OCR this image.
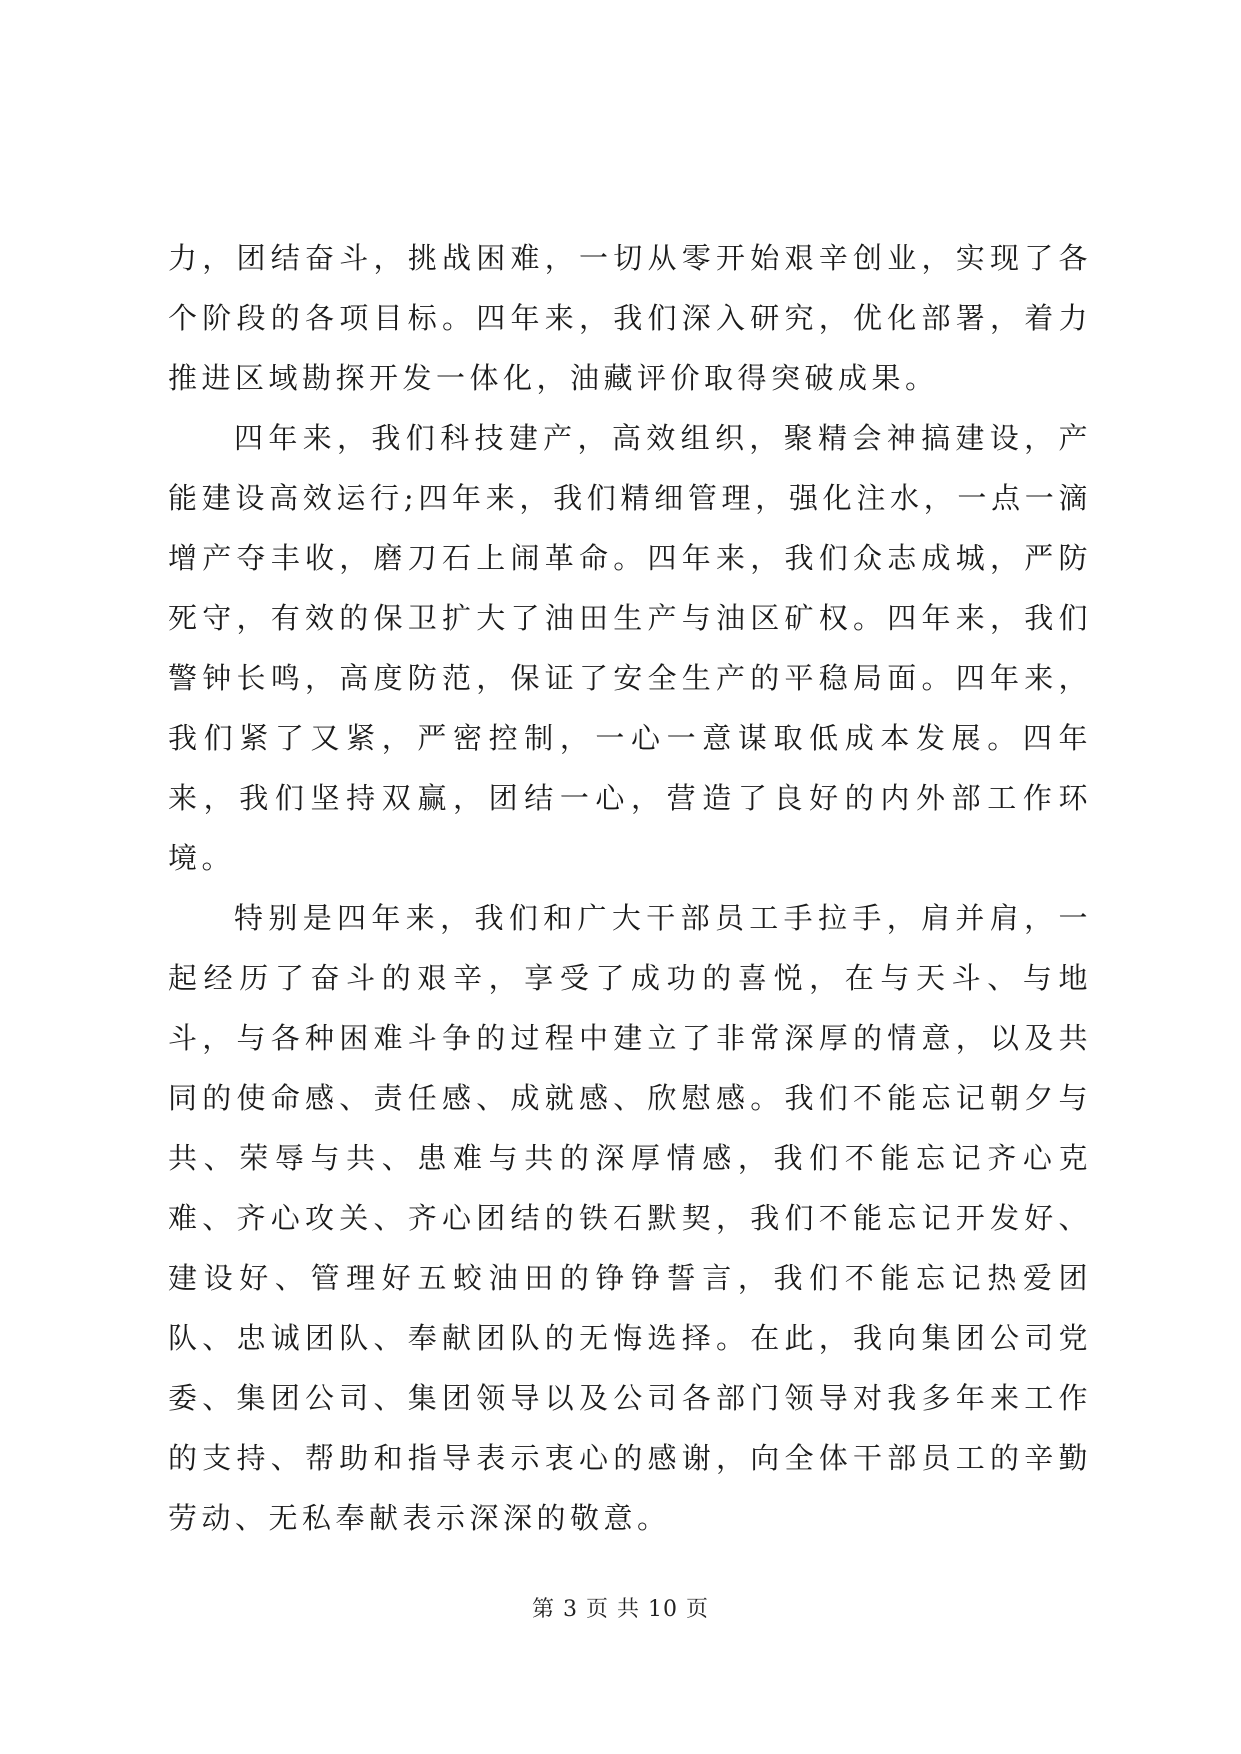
力，团结奋斗，挑战困难，一切从零开始艰辛创业，实现了各个阶段的各项目标。四年来，我们深入研究，优化部署，着力推进区域勘探开发一体化，油藏评价取得突破成果。

四年来，我们科技建产，高效组织，聚精会神搞建设，产能建设高效运行;四年来，我们精细管理，强化注水，一点一滴增产夺丰收，磨刀石上闹革命。四年来，我们众志成城，严防死守，有效的保卫扩大了油田生产与油区矿权。四年来，我们警钟长鸣，高度防范，保证了安全生产的平稳局面。四年来，我们紧了又紧，严密控制，一心一意谋取低成本发展。四年来，我们坚持双赢，团结一心，营造了良好的内外部工作环境。

特别是四年来，我们和广大干部员工手拉手，肩并肩，一起经历了奋斗的艰辛，享受了成功的喜悦，在与天斗、与地斗，与各种困难斗争的过程中建立了非常深厚的情意，以及共同的使命感、责任感、成就感、欣慰感。我们不能忘记朝夕与共、荣辱与共、患难与共的深厚情感，我们不能忘记齐心克难、齐心攻关、齐心团结的铁石默契，我们不能忘记开发好、建设好、管理好五蛟油田的铮铮誓言，我们不能忘记热爱团队、忠诚团队、奉献团队的无悔选择。在此，我向集团公司党委、集团公司、集团领导以及公司各部门领导对我多年来工作的支持、帮助和指导表示衷心的感谢，向全体干部员工的辛勤劳动、无私奉献表示深深的敬意。

第 3 页 共 10 页
